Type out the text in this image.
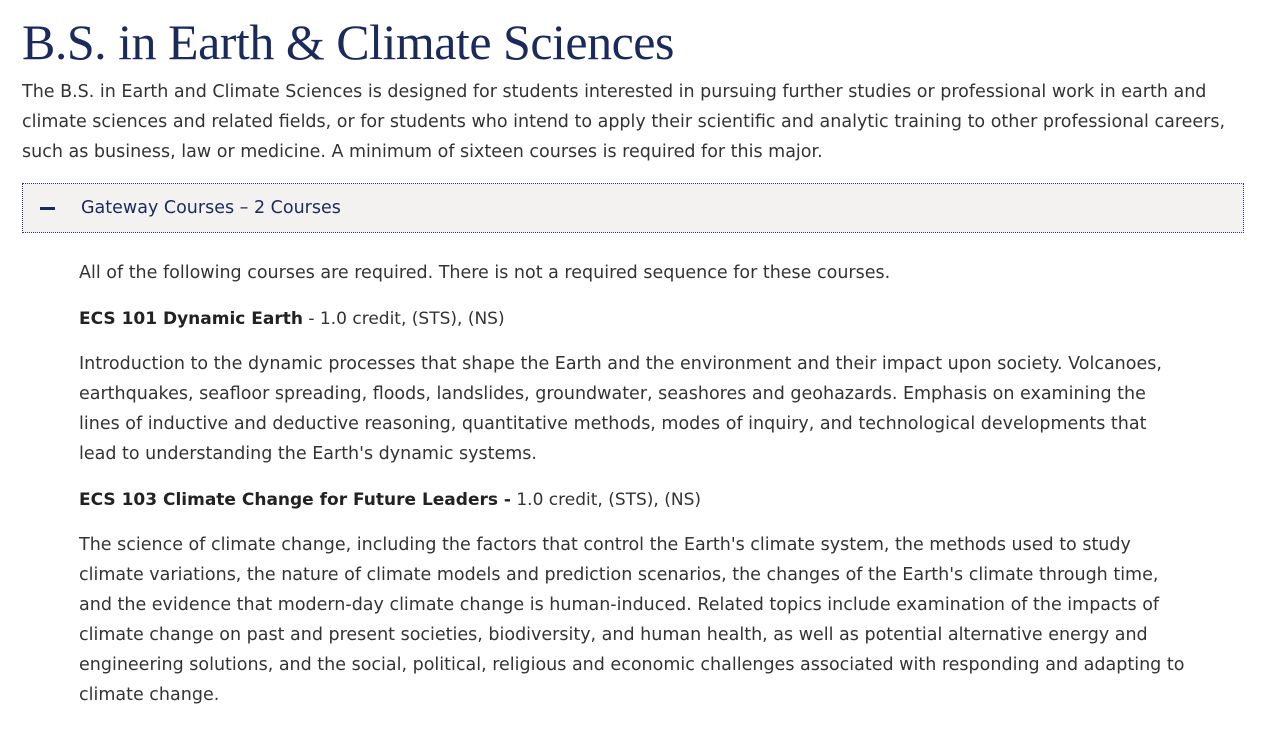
B.S. in Earth & Climate Sciences

The B.S. in Earth and Climate Sciences is designed for students interested in pursuing further studies or professional work in earth and climate sciences and related fields, or for students who intend to apply their scientific and analytic training to other professional careers, such as business, law or medicine. A minimum of sixteen courses is required for this major.

Gateway Courses – 2 Courses

All of the following courses are required. There is not a required sequence for these courses.

ECS 101 Dynamic Earth - 1.0 credit, (STS), (NS)

Introduction to the dynamic processes that shape the Earth and the environment and their impact upon society. Volcanoes, earthquakes, seafloor spreading, floods, landslides, groundwater, seashores and geohazards. Emphasis on examining the lines of inductive and deductive reasoning, quantitative methods, modes of inquiry, and technological developments that lead to understanding the Earth's dynamic systems.

ECS 103 Climate Change for Future Leaders - 1.0 credit, (STS), (NS)

The science of climate change, including the factors that control the Earth's climate system, the methods used to study climate variations, the nature of climate models and prediction scenarios, the changes of the Earth's climate through time, and the evidence that modern-day climate change is human-induced. Related topics include examination of the impacts of climate change on past and present societies, biodiversity, and human health, as well as potential alternative energy and engineering solutions, and the social, political, religious and economic challenges associated with responding and adapting to climate change.
